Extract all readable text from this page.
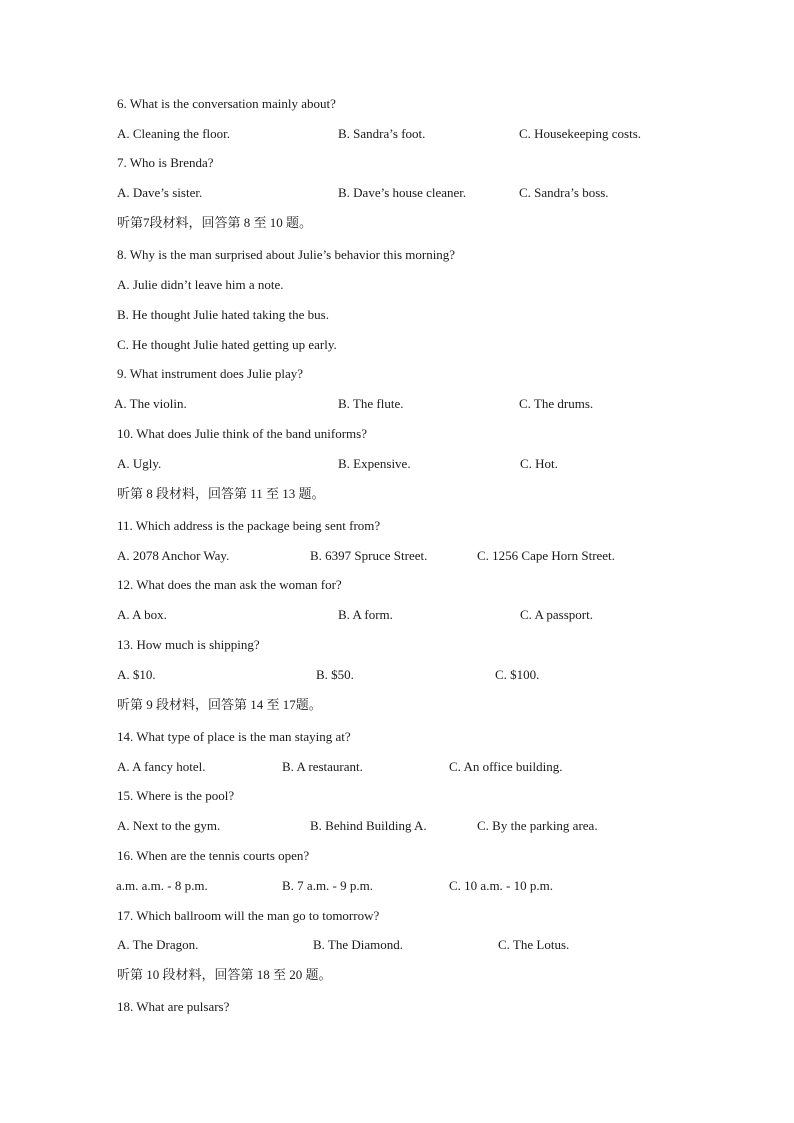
6. What is the conversation mainly about?
A. Cleaning the floor.	B. Sandra’s foot.	C. Housekeeping costs.
7. Who is Brenda?
A. Dave’s sister.	B. Dave’s house cleaner.	C. Sandra’s boss.
听第7段材料，回答第 8 至 10 题。
8. Why is the man surprised about Julie’s behavior this morning?
A. Julie didn’t leave him a note.
B. He thought Julie hated taking the bus.
C. He thought Julie hated getting up early.
9. What instrument does Julie play?
A. The violin.	B. The flute.	C. The drums.
10. What does Julie think of the band uniforms?
A. Ugly.	B. Expensive.	C. Hot.
听第 8 段材料，回答第 11 至 13 题。
11. Which address is the package being sent from?
A. 2078 Anchor Way.	B. 6397 Spruce Street.	C. 1256 Cape Horn Street.
12. What does the man ask the woman for?
A. A box.	B. A form.	C. A passport.
13. How much is shipping?
A. $10.	B. $50.	C. $100.
听第 9 段材料，回答第 14 至 17题。
14. What type of place is the man staying at?
A. A fancy hotel.	B. A restaurant.	C. An office building.
15. Where is the pool?
A. Next to the gym.	B. Behind Building A.	C. By the parking area.
16. When are the tennis courts open?
a.m. a.m. - 8 p.m.	B. 7 a.m. - 9 p.m.	C. 10 a.m. - 10 p.m.
17. Which ballroom will the man go to tomorrow?
A. The Dragon.	B. The Diamond.	C. The Lotus.
听第 10 段材料，回答第 18 至 20 题。
18. What are pulsars?
